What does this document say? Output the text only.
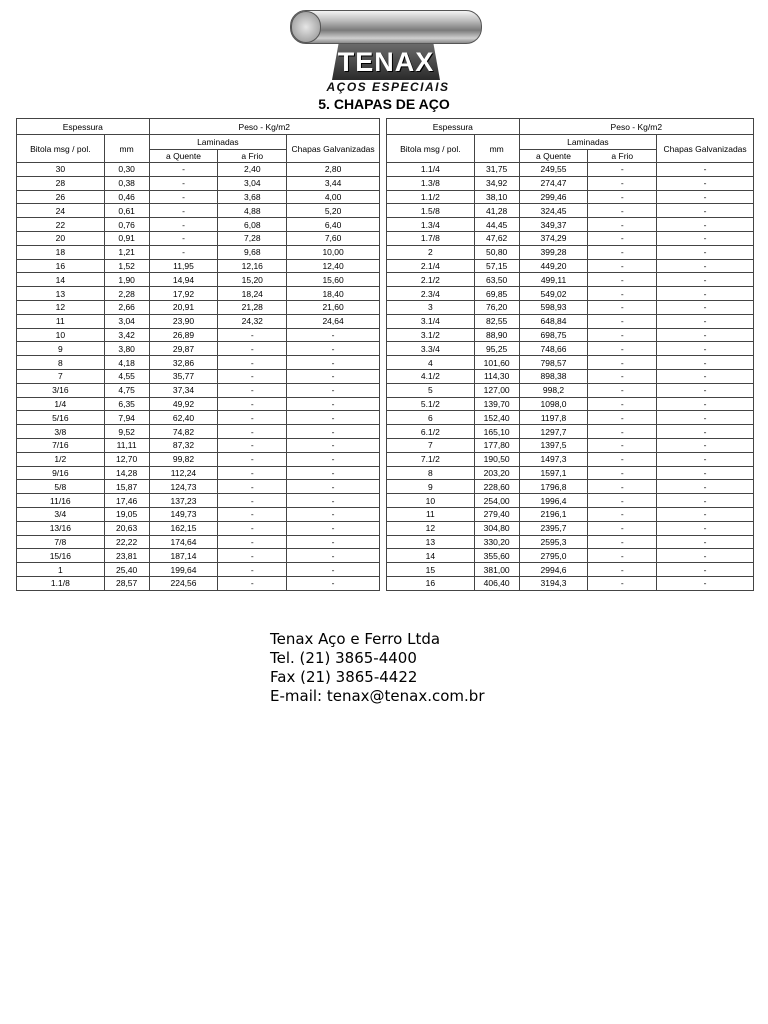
TENAX
AÇOS ESPECIAIS
5. CHAPAS DE AÇO
Espessura		Peso - Kg/m2		
Bitola msg / pol.	mm	Laminadas		Chapas Galvanizadas
		a Quente	a Frio	
30	0,30	-	2,40	2,80
28	0,38	-	3,04	3,44
26	0,46	-	3,68	4,00
24	0,61	-	4,88	5,20
22	0,76	-	6,08	6,40
20	0,91	-	7,28	7,60
18	1,21	-	9,68	10,00
16	1,52	11,95	12,16	12,40
14	1,90	14,94	15,20	15,60
13	2,28	17,92	18,24	18,40
12	2,66	20,91	21,28	21,60
11	3,04	23,90	24,32	24,64
10	3,42	26,89	-	-
9	3,80	29,87	-	-
8	4,18	32,86	-	-
7	4,55	35,77	-	-
3/16	4,75	37,34	-	-
1/4	6,35	49,92	-	-
5/16	7,94	62,40	-	-
3/8	9,52	74,82	-	-
7/16	11,11	87,32	-	-
1/2	12,70	99,82	-	-
9/16	14,28	112,24	-	-
5/8	15,87	124,73	-	-
11/16	17,46	137,23	-	-
3/4	19,05	149,73	-	-
13/16	20,63	162,15	-	-
7/8	22,22	174,64	-	-
15/16	23,81	187,14	-	-
1	25,40	199,64	-	-
1.1/8	28,57	224,56	-	-
Espessura		Peso - Kg/m2		
Bitola msg / pol.	mm	Laminadas		Chapas Galvanizadas
		a Quente	a Frio	
1.1/4	31,75	249,55	-	-
1.3/8	34,92	274,47	-	-
1.1/2	38,10	299,46	-	-
1.5/8	41,28	324,45	-	-
1.3/4	44,45	349,37	-	-
1.7/8	47,62	374,29	-	-
2	50,80	399,28	-	-
2.1/4	57,15	449,20	-	-
2.1/2	63,50	499,11	-	-
2.3/4	69,85	549,02	-	-
3	76,20	598,93	-	-
3.1/4	82,55	648,84	-	-
3.1/2	88,90	698,75	-	-
3.3/4	95,25	748,66	-	-
4	101,60	798,57	-	-
4.1/2	114,30	898,38	-	-
5	127,00	998,2	-	-
5.1/2	139,70	1098,0	-	-
6	152,40	1197,8	-	-
6.1/2	165,10	1297,7	-	-
7	177,80	1397,5	-	-
7.1/2	190,50	1497,3	-	-
8	203,20	1597,1	-	-
9	228,60	1796,8	-	-
10	254,00	1996,4	-	-
11	279,40	2196,1	-	-
12	304,80	2395,7	-	-
13	330,20	2595,3	-	-
14	355,60	2795,0	-	-
15	381,00	2994,6	-	-
16	406,40	3194,3	-	-
Tenax Aço e Ferro Ltda
Tel. (21) 3865-4400
Fax (21) 3865-4422
E-mail: tenax@tenax.com.br
